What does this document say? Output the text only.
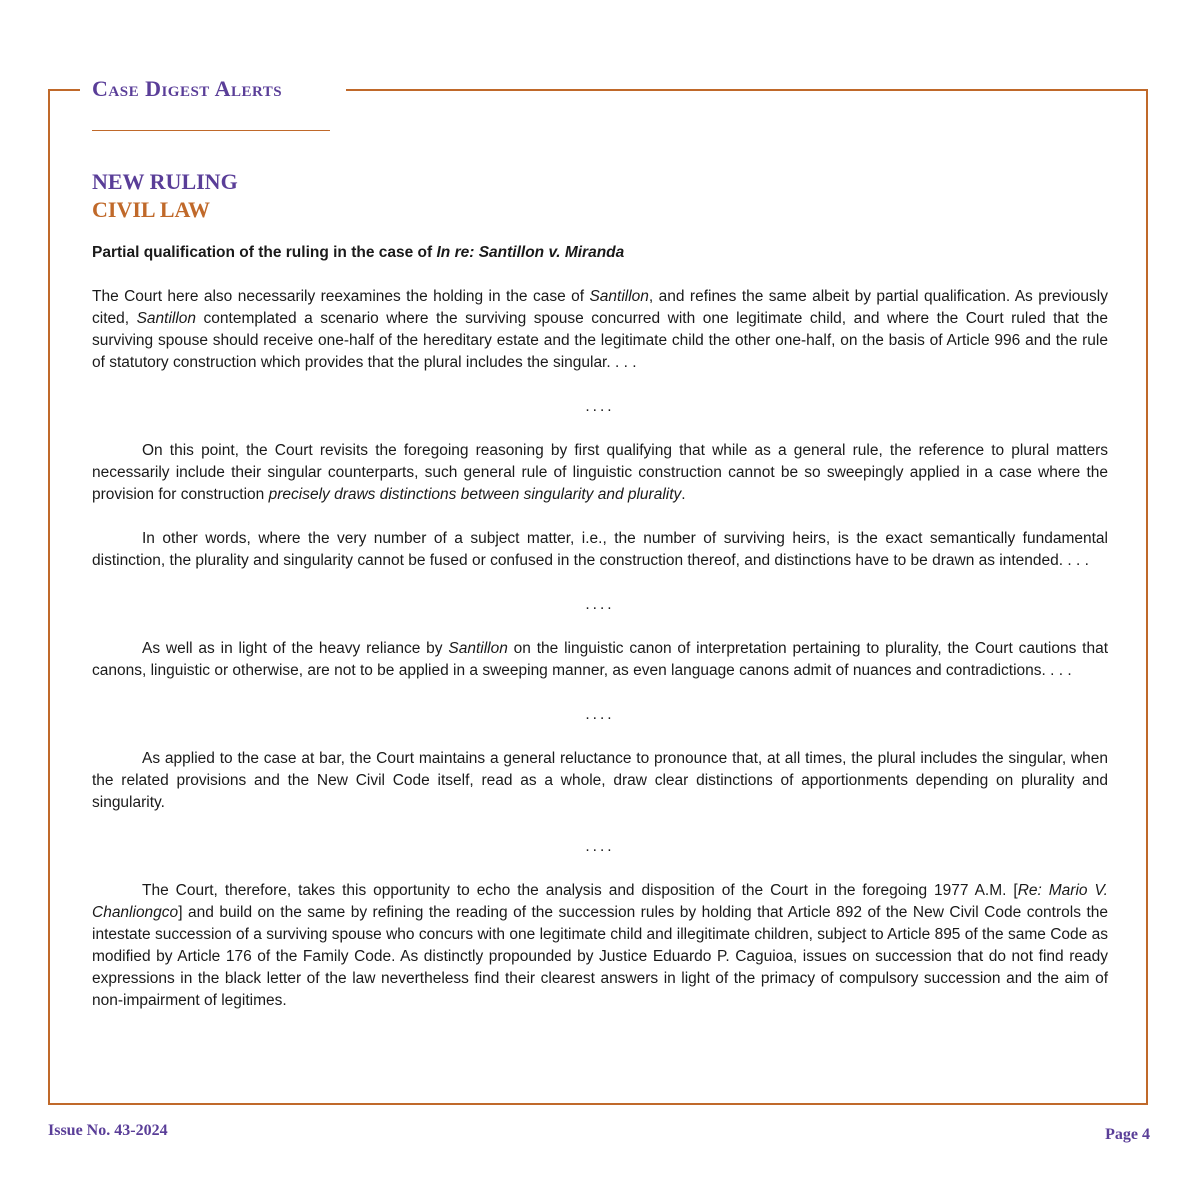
Case Digest Alerts
NEW RULING
CIVIL LAW
Partial qualification of the ruling in the case of In re: Santillon v. Miranda

The Court here also necessarily reexamines the holding in the case of Santillon, and refines the same albeit by partial qualification. As previously cited, Santillon contemplated a scenario where the surviving spouse concurred with one legitimate child, and where the Court ruled that the surviving spouse should receive one-half of the hereditary estate and the legitimate child the other one-half, on the basis of Article 996 and the rule of statutory construction which provides that the plural includes the singular. . . .

....

On this point, the Court revisits the foregoing reasoning by first qualifying that while as a general rule, the reference to plural matters necessarily include their singular counterparts, such general rule of linguistic construction cannot be so sweepingly applied in a case where the provision for construction precisely draws distinctions between singularity and plurality.

In other words, where the very number of a subject matter, i.e., the number of surviving heirs, is the exact semantically fundamental distinction, the plurality and singularity cannot be fused or confused in the construction thereof, and distinctions have to be drawn as intended. . . .

....

As well as in light of the heavy reliance by Santillon on the linguistic canon of interpretation pertaining to plurality, the Court cautions that canons, linguistic or otherwise, are not to be applied in a sweeping manner, as even language canons admit of nuances and contradictions. . . .

....

As applied to the case at bar, the Court maintains a general reluctance to pronounce that, at all times, the plural includes the singular, when the related provisions and the New Civil Code itself, read as a whole, draw clear distinctions of apportionments depending on plurality and singularity.

....

The Court, therefore, takes this opportunity to echo the analysis and disposition of the Court in the foregoing 1977 A.M. [Re: Mario V. Chanliongco] and build on the same by refining the reading of the succession rules by holding that Article 892 of the New Civil Code controls the intestate succession of a surviving spouse who concurs with one legitimate child and illegitimate children, subject to Article 895 of the same Code as modified by Article 176 of the Family Code. As distinctly propounded by Justice Eduardo P. Caguioa, issues on succession that do not find ready expressions in the black letter of the law nevertheless find their clearest answers in light of the primacy of compulsory succession and the aim of non-impairment of legitimes.

Issue No. 43-2024	Page 4
